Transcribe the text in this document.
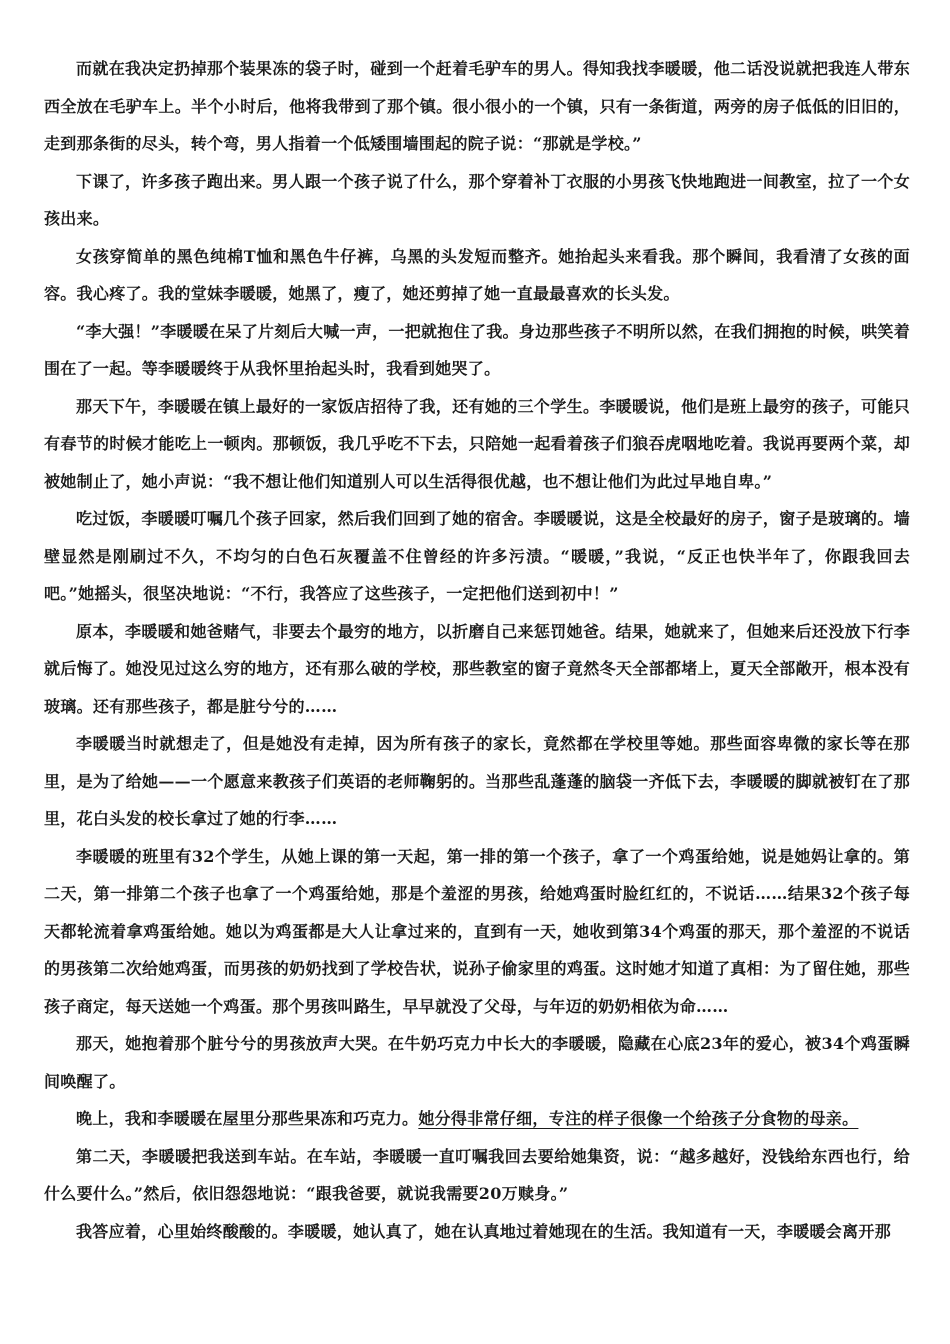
而就在我决定扔掉那个装果冻的袋子时，碰到一个赶着毛驴车的男人。得知我找李暖暖，他二话没说就把我连人带东西全放在毛驴车上。半个小时后，他将我带到了那个镇。很小很小的一个镇，只有一条街道，两旁的房子低低的旧旧的，走到那条街的尽头，转个弯，男人指着一个低矮围墙围起的院子说：“那就是学校。”

下课了，许多孩子跑出来。男人跟一个孩子说了什么，那个穿着补丁衣服的小男孩飞快地跑进一间教室，拉了一个女孩出来。

女孩穿简单的黑色纯棉T恤和黑色牛仔裤，乌黑的头发短而整齐。她抬起头来看我。那个瞬间，我看清了女孩的面容。我心疼了。我的堂妹李暖暖，她黑了，瘦了，她还剪掉了她一直最最喜欢的长头发。

“李大强！”李暖暖在呆了片刻后大喊一声，一把就抱住了我。身边那些孩子不明所以然，在我们拥抱的时候，哄笑着围在了一起。等李暖暖终于从我怀里抬起头时，我看到她哭了。

那天下午，李暖暖在镇上最好的一家饭店招待了我，还有她的三个学生。李暖暖说，他们是班上最穷的孩子，可能只有春节的时候才能吃上一顿肉。那顿饭，我几乎吃不下去，只陪她一起看着孩子们狼吞虎咽地吃着。我说再要两个菜，却被她制止了，她小声说：“我不想让他们知道别人可以生活得很优越，也不想让他们为此过早地自卑。”

吃过饭，李暖暖叮嘱几个孩子回家，然后我们回到了她的宿舍。李暖暖说，这是全校最好的房子，窗子是玻璃的。墙壁显然是刚刷过不久，不均匀的白色石灰覆盖不住曾经的许多污渍。“暖暖，”我说，“反正也快半年了，你跟我回去吧。”她摇头，很坚决地说：“不行，我答应了这些孩子，一定把他们送到初中！”

原本，李暖暖和她爸赌气，非要去个最穷的地方，以折磨自己来惩罚她爸。结果，她就来了，但她来后还没放下行李就后悔了。她没见过这么穷的地方，还有那么破的学校，那些教室的窗子竟然冬天全部都堵上，夏天全部敞开，根本没有玻璃。还有那些孩子，都是脏兮兮的……

李暖暖当时就想走了，但是她没有走掉，因为所有孩子的家长，竟然都在学校里等她。那些面容卑微的家长等在那里，是为了给她——一个愿意来教孩子们英语的老师鞠躬的。当那些乱蓬蓬的脑袋一齐低下去，李暖暖的脚就被钉在了那里，花白头发的校长拿过了她的行李……

李暖暖的班里有32个学生，从她上课的第一天起，第一排的第一个孩子，拿了一个鸡蛋给她，说是她妈让拿的。第二天，第一排第二个孩子也拿了一个鸡蛋给她，那是个羞涩的男孩，给她鸡蛋时脸红红的，不说话……结果32个孩子每天都轮流着拿鸡蛋给她。她以为鸡蛋都是大人让拿过来的，直到有一天，她收到第34个鸡蛋的那天，那个羞涩的不说话的男孩第二次给她鸡蛋，而男孩的奶奶找到了学校告状，说孙子偷家里的鸡蛋。这时她才知道了真相：为了留住她，那些孩子商定，每天送她一个鸡蛋。那个男孩叫路生，早早就没了父母，与年迈的奶奶相依为命……

那天，她抱着那个脏兮兮的男孩放声大哭。在牛奶巧克力中长大的李暖暖，隐藏在心底23年的爱心，被34个鸡蛋瞬间唤醒了。

晚上，我和李暖暖在屋里分那些果冻和巧克力。她分得非常仔细，专注的样子很像一个给孩子分食物的母亲。

第二天，李暖暖把我送到车站。在车站，李暖暖一直叮嘱我回去要给她集资，说：“越多越好，没钱给东西也行，给什么要什么。”然后，依旧怨怨地说：“跟我爸要，就说我需要20万赎身。”

我答应着，心里始终酸酸的。李暖暖，她认真了，她在认真地过着她现在的生活。我知道有一天，李暖暖会离开那
